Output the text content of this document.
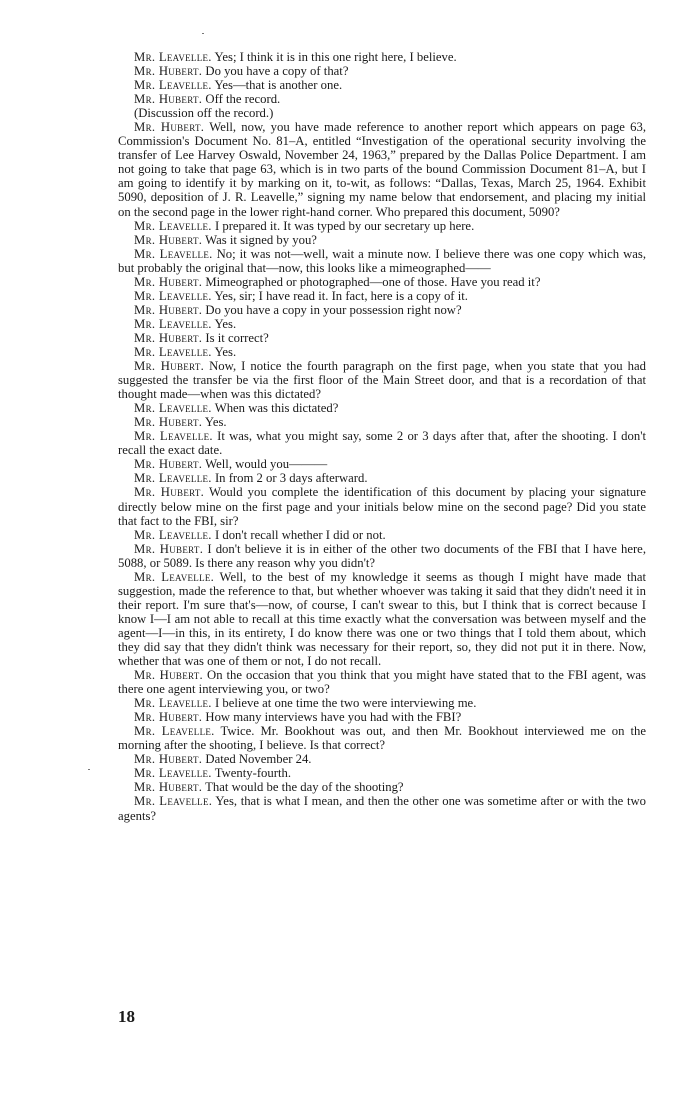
Mr. Leavelle. Yes; I think it is in this one right here, I believe.

Mr. Hubert. Do you have a copy of that?

Mr. Leavelle. Yes—that is another one.

Mr. Hubert. Off the record.

(Discussion off the record.)

Mr. Hubert. Well, now, you have made reference to another report which appears on page 63, Commission's Document No. 81–A, entitled “Investigation of the operational security involving the transfer of Lee Harvey Oswald, November 24, 1963,” prepared by the Dallas Police Department. I am not going to take that page 63, which is in two parts of the bound Commission Document 81–A, but I am going to identify it by marking on it, to-wit, as follows: “Dallas, Texas, March 25, 1964. Exhibit 5090, deposition of J. R. Leavelle,” signing my name below that endorsement, and placing my initial on the second page in the lower right-hand corner. Who prepared this document, 5090?

Mr. Leavelle. I prepared it. It was typed by our secretary up here.

Mr. Hubert. Was it signed by you?

Mr. Leavelle. No; it was not—well, wait a minute now. I believe there was one copy which was, but probably the original that—now, this looks like a mimeographed——

Mr. Hubert. Mimeographed or photographed—one of those. Have you read it?

Mr. Leavelle. Yes, sir; I have read it. In fact, here is a copy of it.

Mr. Hubert. Do you have a copy in your possession right now?

Mr. Leavelle. Yes.

Mr. Hubert. Is it correct?

Mr. Leavelle. Yes.

Mr. Hubert. Now, I notice the fourth paragraph on the first page, when you state that you had suggested the transfer be via the first floor of the Main Street door, and that is a recordation of that thought made—when was this dictated?

Mr. Leavelle. When was this dictated?

Mr. Hubert. Yes.

Mr. Leavelle. It was, what you might say, some 2 or 3 days after that, after the shooting. I don't recall the exact date.

Mr. Hubert. Well, would you———

Mr. Leavelle. In from 2 or 3 days afterward.

Mr. Hubert. Would you complete the identification of this document by placing your signature directly below mine on the first page and your initials below mine on the second page? Did you state that fact to the FBI, sir?

Mr. Leavelle. I don't recall whether I did or not.

Mr. Hubert. I don't believe it is in either of the other two documents of the FBI that I have here, 5088, or 5089. Is there any reason why you didn't?

Mr. Leavelle. Well, to the best of my knowledge it seems as though I might have made that suggestion, made the reference to that, but whether whoever was taking it said that they didn't need it in their report. I'm sure that's—now, of course, I can't swear to this, but I think that is correct because I know I—I am not able to recall at this time exactly what the conversation was between myself and the agent—I—in this, in its entirety, I do know there was one or two things that I told them about, which they did say that they didn't think was necessary for their report, so, they did not put it in there. Now, whether that was one of them or not, I do not recall.

Mr. Hubert. On the occasion that you think that you might have stated that to the FBI agent, was there one agent interviewing you, or two?

Mr. Leavelle. I believe at one time the two were interviewing me.

Mr. Hubert. How many interviews have you had with the FBI?

Mr. Leavelle. Twice. Mr. Bookhout was out, and then Mr. Bookhout interviewed me on the morning after the shooting, I believe. Is that correct?

Mr. Hubert. Dated November 24.

Mr. Leavelle. Twenty-fourth.

Mr. Hubert. That would be the day of the shooting?

Mr. Leavelle. Yes, that is what I mean, and then the other one was sometime after or with the two agents?

18
